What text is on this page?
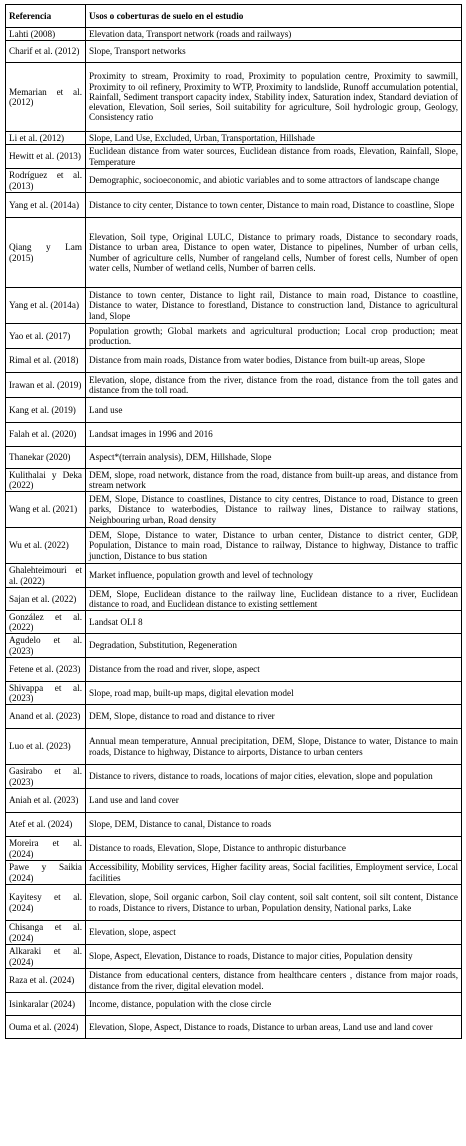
Referencia	Usos o coberturas de suelo en el estudio
Lahti (2008)	Elevation data, Transport network (roads and railways)
Charif et al. (2012)	Slope, Transport networks
Memarian et al. (2012)	Proximity to stream, Proximity to road, Proximity to population centre, Proximity to sawmill, Proximity to oil refinery, Proximity to WTP, Proximity to landslide, Runoff accumulation potential, Rainfall, Sediment transport capacity index, Stability index, Saturation index, Standard deviation of elevation, Elevation, Soil series, Soil suitability for agriculture, Soil hydrologic group, Geology, Consistency ratio
Li et al. (2012)	Slope, Land Use, Excluded, Urban, Transportation, Hillshade
Hewitt et al. (2013)	Euclidean distance from water sources, Euclidean distance from roads, Elevation, Rainfall, Slope, Temperature
Rodríguez et al. (2013)	Demographic, socioeconomic, and abiotic variables and to some attractors of landscape change
Yang et al. (2014a)	Distance to city center, Distance to town center, Distance to main road, Distance to coastline, Slope
Qiang y Lam (2015)	Elevation, Soil type, Original LULC, Distance to primary roads, Distance to secondary roads, Distance to urban area, Distance to open water, Distance to pipelines, Number of urban cells, Number of agriculture cells, Number of rangeland cells, Number of forest cells, Number of open water cells, Number of wetland cells, Number of barren cells.
Yang et al. (2014a)	Distance to town center, Distance to light rail, Distance to main road, Distance to coastline, Distance to water, Distance to forestland, Distance to construction land, Distance to agricultural land, Slope
Yao et al. (2017)	Population growth; Global markets and agricultural production; Local crop production; meat production.
Rimal et al. (2018)	Distance from main roads, Distance from water bodies, Distance from built-up areas, Slope
Irawan et al. (2019)	Elevation, slope, distance from the river, distance from the road, distance from the toll gates and distance from the toll road.
Kang et al. (2019)	Land use
Falah et al. (2020)	Landsat images in 1996 and 2016
Thanekar (2020)	Aspect*(terrain analysis), DEM, Hillshade, Slope
Kulithalai y Deka (2022)	DEM, slope, road network, distance from the road, distance from built-up areas, and distance from stream network
Wang et al. (2021)	DEM, Slope, Distance to coastlines, Distance to city centres, Distance to road, Distance to green parks, Distance to waterbodies, Distance to railway lines, Distance to railway stations, Neighbouring urban, Road density
Wu et al. (2022)	DEM, Slope, Distance to water, Distance to urban center, Distance to district center, GDP, Population, Distance to main road, Distance to railway, Distance to highway, Distance to traffic junction, Distance to bus station
Ghalehteimouri et al. (2022)	Market influence, population growth and level of technology
Sajan et al. (2022)	DEM, Slope, Euclidean distance to the railway line, Euclidean distance to a river, Euclidean distance to road, and Euclidean distance to existing settlement
González et al. (2022)	Landsat OLI 8
Agudelo et al. (2023)	Degradation, Substitution, Regeneration
Fetene et al. (2023)	Distance from the road and river, slope, aspect
Shivappa et al. (2023)	Slope, road map, built-up maps, digital elevation model
Anand et al. (2023)	DEM, Slope, distance to road and distance to river
Luo et al. (2023)	Annual mean temperature, Annual precipitation, DEM, Slope, Distance to water, Distance to main roads, Distance to highway, Distance to airports, Distance to urban centers
Gasirabo et al. (2023)	Distance to rivers, distance to roads, locations of major cities, elevation, slope and population
Aniah et al. (2023)	Land use and land cover
Atef et al. (2024)	Slope, DEM, Distance to canal, Distance to roads
Moreira et al. (2024)	Distance to roads, Elevation, Slope, Distance to anthropic disturbance
Pawe y Saikia (2024)	Accessibility, Mobility services, Higher facility areas, Social facilities, Employment service, Local facilities
Kayitesy et al. (2024)	Elevation, slope, Soil organic carbon, Soil clay content, soil salt content, soil silt content, Distance to roads, Distance to rivers, Distance to urban, Population density, National parks, Lake
Chisanga et al. (2024)	Elevation, slope, aspect
Alkaraki et al. (2024)	Slope, Aspect, Elevation, Distance to roads, Distance to major cities, Population density
Raza et al. (2024)	Distance from educational centers, distance from healthcare centers , distance from major roads, distance from the river, digital elevation model.
Isinkaralar (2024)	Income, distance, population with the close circle
Ouma et al. (2024)	Elevation, Slope, Aspect, Distance to roads, Distance to urban areas, Land use and land cover
